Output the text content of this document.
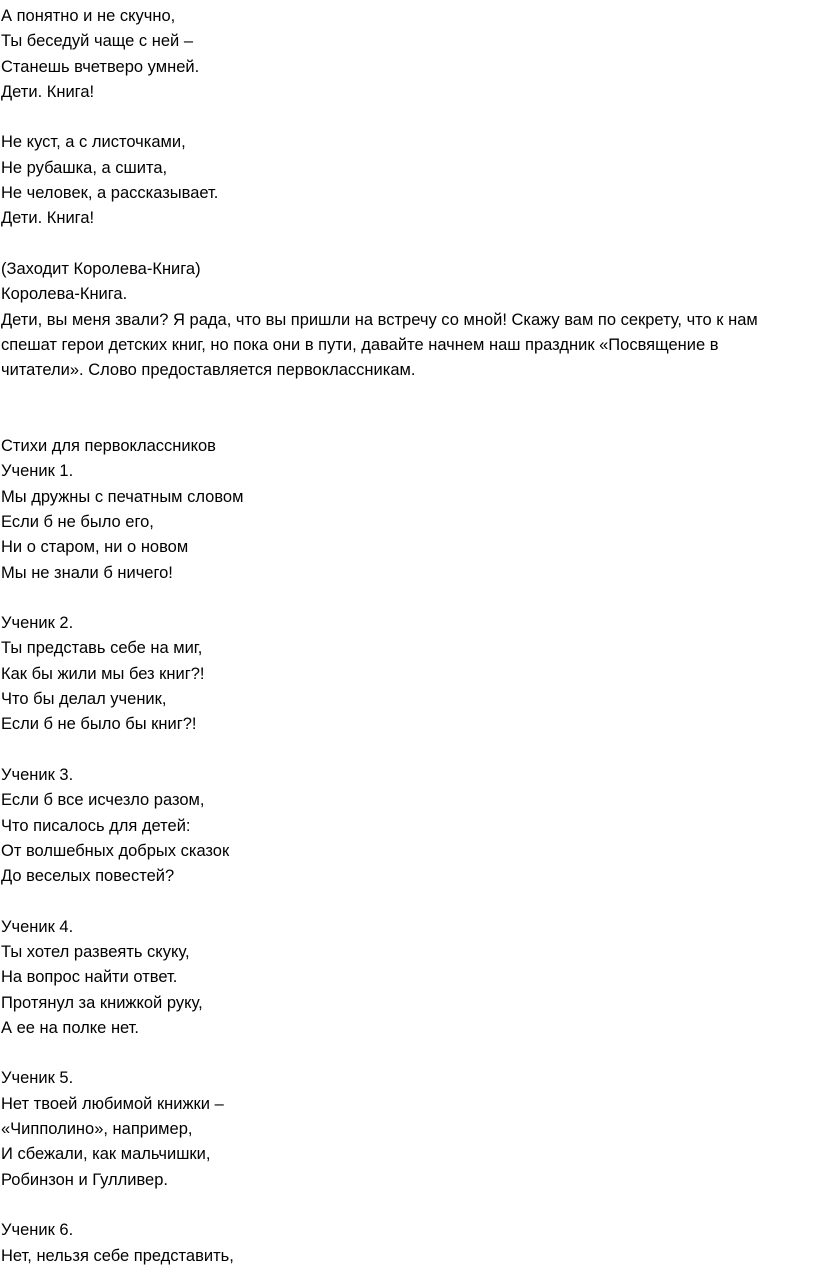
А понятно и не скучно,
Ты беседуй чаще с ней –
Станешь вчетверо умней.
Дети. Книга!
Не куст, а с листочками,
Не рубашка, а сшита,
Не человек, а рассказывает.
Дети. Книга!
(Заходит Королева-Книга)
Королева-Книга.
Дети, вы меня звали? Я рада, что вы пришли на встречу со мной! Скажу вам по секрету, что к нам спешат герои детских книг, но пока они в пути, давайте начнем наш праздник «Посвящение в читатели». Слово предоставляется первоклассникам.
Стихи для первоклассников
Ученик 1.
Мы дружны с печатным словом
Если б не было его,
Ни о старом, ни о новом
Мы не знали б ничего!
Ученик 2.
Ты представь себе на миг,
Как бы жили мы без книг?!
Что бы делал ученик,
Если б не было бы книг?!
Ученик 3.
Если б все исчезло разом,
Что писалось для детей:
От волшебных добрых сказок
До веселых повестей?
Ученик 4.
Ты хотел развеять скуку,
На вопрос найти ответ.
Протянул за книжкой руку,
А ее на полке нет.
Ученик 5.
Нет твоей любимой книжки –
«Чипполино», например,
И сбежали, как мальчишки,
Робинзон и Гулливер.
Ученик 6.
Нет, нельзя себе представить,
